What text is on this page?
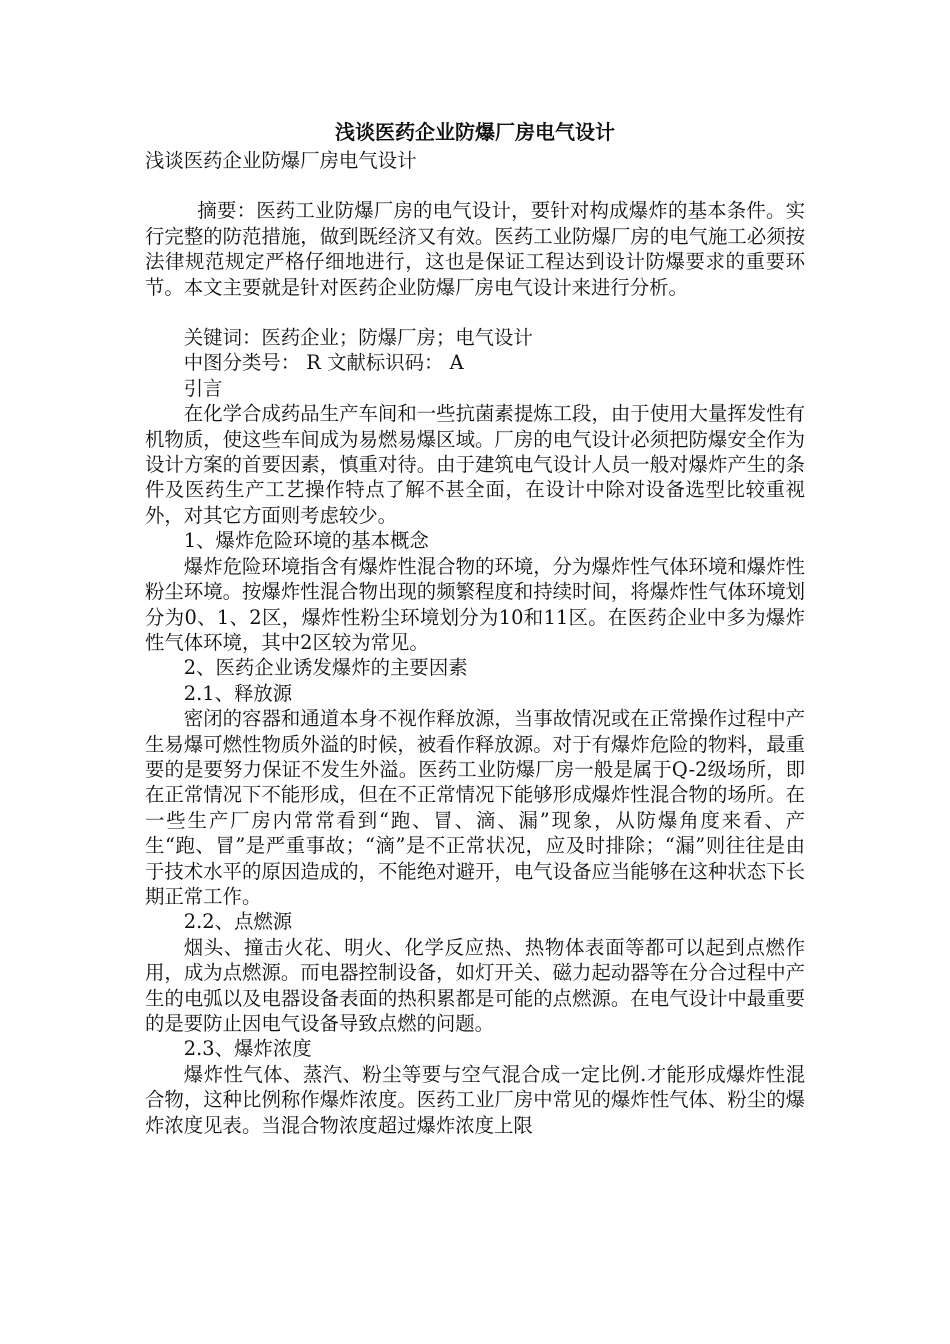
浅谈医药企业防爆厂房电气设计
浅谈医药企业防爆厂房电气设计

摘要：医药工业防爆厂房的电气设计，要针对构成爆炸的基本条件。实行完整的防范措施，做到既经济又有效。医药工业防爆厂房的电气施工必须按法律规范规定严格仔细地进行，这也是保证工程达到设计防爆要求的重要环节。本文主要就是针对医药企业防爆厂房电气设计来进行分析。

关键词：医药企业；防爆厂房；电气设计

中图分类号： R 文献标识码： A

引言

在化学合成药品生产车间和一些抗菌素提炼工段，由于使用大量挥发性有机物质，使这些车间成为易燃易爆区域。厂房的电气设计必须把防爆安全作为设计方案的首要因素，慎重对待。由于建筑电气设计人员一般对爆炸产生的条件及医药生产工艺操作特点了解不甚全面，在设计中除对设备选型比较重视外，对其它方面则考虑较少。

1、爆炸危险环境的基本概念

爆炸危险环境指含有爆炸性混合物的环境，分为爆炸性气体环境和爆炸性粉尘环境。按爆炸性混合物出现的频繁程度和持续时间，将爆炸性气体环境划分为0、1、2区，爆炸性粉尘环境划分为10和11区。在医药企业中多为爆炸性气体环境，其中2区较为常见。

2、医药企业诱发爆炸的主要因素

2.1、释放源

密闭的容器和通道本身不视作释放源，当事故情况或在正常操作过程中产生易爆可燃性物质外溢的时候，被看作释放源。对于有爆炸危险的物料，最重要的是要努力保证不发生外溢。医药工业防爆厂房一般是属于Q-2级场所，即在正常情况下不能形成，但在不正常情况下能够形成爆炸性混合物的场所。在一些生产厂房内常常看到“跑、冒、滴、漏”现象，从防爆角度来看、产生“跑、冒”是严重事故；“滴”是不正常状况，应及时排除；“漏”则往往是由于技术水平的原因造成的，不能绝对避开，电气设备应当能够在这种状态下长期正常工作。

2.2、点燃源

烟头、撞击火花、明火、化学反应热、热物体表面等都可以起到点燃作用，成为点燃源。而电器控制设备，如灯开关、磁力起动器等在分合过程中产生的电弧以及电器设备表面的热积累都是可能的点燃源。在电气设计中最重要的是要防止因电气设备导致点燃的问题。

2.3、爆炸浓度

爆炸性气体、蒸汽、粉尘等要与空气混合成一定比例.才能形成爆炸性混合物，这种比例称作爆炸浓度。医药工业厂房中常见的爆炸性气体、粉尘的爆炸浓度见表。当混合物浓度超过爆炸浓度上限
